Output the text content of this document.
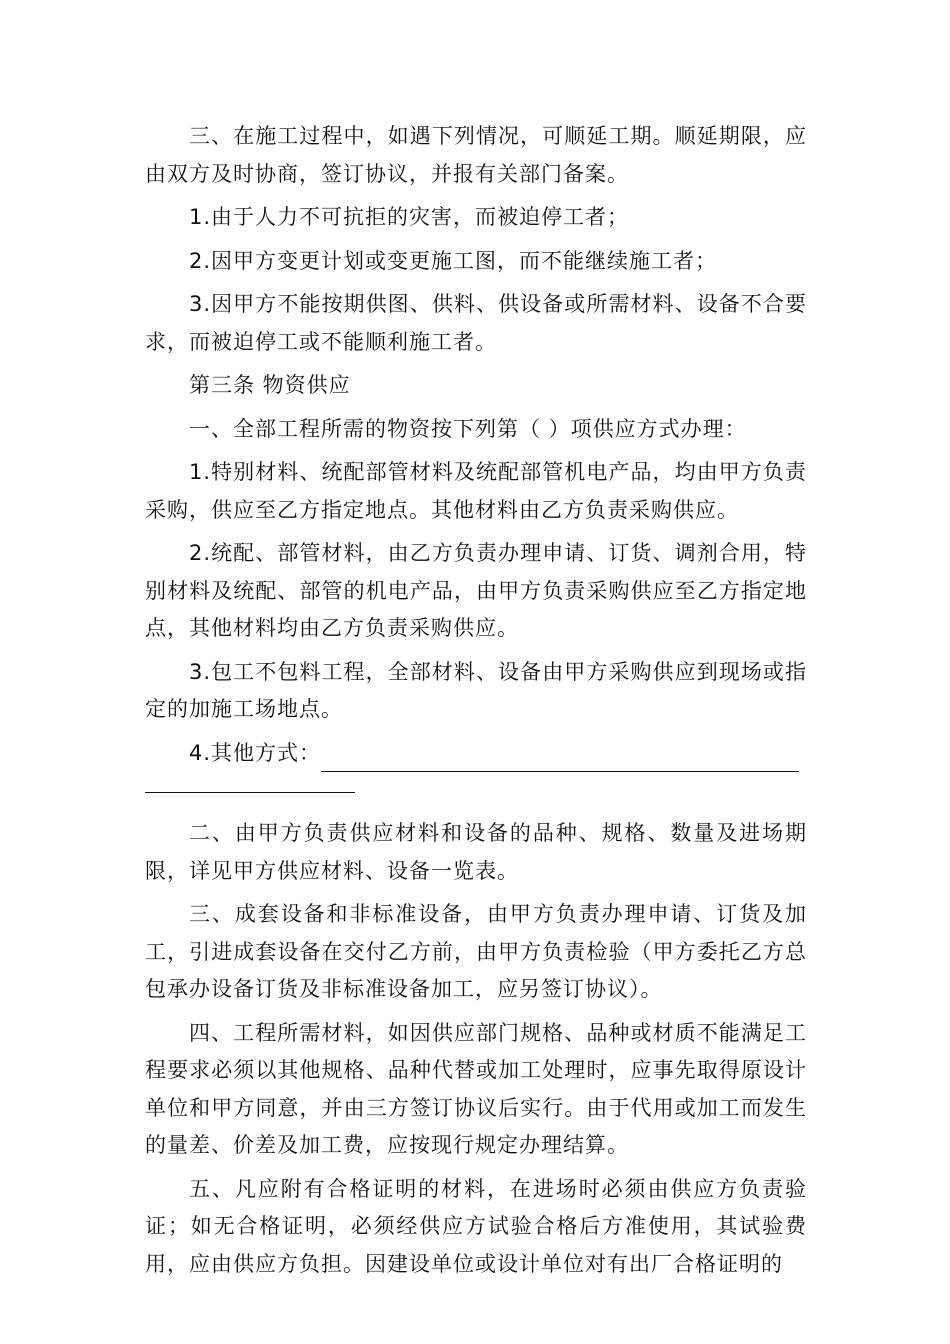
三、在施工过程中，如遇下列情况，可顺延工期。顺延期限，应由双方及时协商，签订协议，并报有关部门备案。

1.由于人力不可抗拒的灾害，而被迫停工者；

2.因甲方变更计划或变更施工图，而不能继续施工者；

3.因甲方不能按期供图、供料、供设备或所需材料、设备不合要求，而被迫停工或不能顺利施工者。

第三条 物资供应

一、全部工程所需的物资按下列第（ ）项供应方式办理：

1.特别材料、统配部管材料及统配部管机电产品，均由甲方负责采购，供应至乙方指定地点。其他材料由乙方负责采购供应。

2.统配、部管材料，由乙方负责办理申请、订货、调剂合用，特别材料及统配、部管的机电产品，由甲方负责采购供应至乙方指定地点，其他材料均由乙方负责采购供应。

3.包工不包料工程，全部材料、设备由甲方采购供应到现场或指定的加施工场地点。

4.其他方式：

二、由甲方负责供应材料和设备的品种、规格、数量及进场期限，详见甲方供应材料、设备一览表。

三、成套设备和非标准设备，由甲方负责办理申请、订货及加工，引进成套设备在交付乙方前，由甲方负责检验（甲方委托乙方总包承办设备订货及非标准设备加工，应另签订协议）。

四、工程所需材料，如因供应部门规格、品种或材质不能满足工程要求必须以其他规格、品种代替或加工处理时，应事先取得原设计单位和甲方同意，并由三方签订协议后实行。由于代用或加工而发生的量差、价差及加工费，应按现行规定办理结算。

五、凡应附有合格证明的材料，在进场时必须由供应方负责验证；如无合格证明，必须经供应方试验合格后方准使用，其试验费用，应由供应方负担。因建设单位或设计单位对有出厂合格证明的
